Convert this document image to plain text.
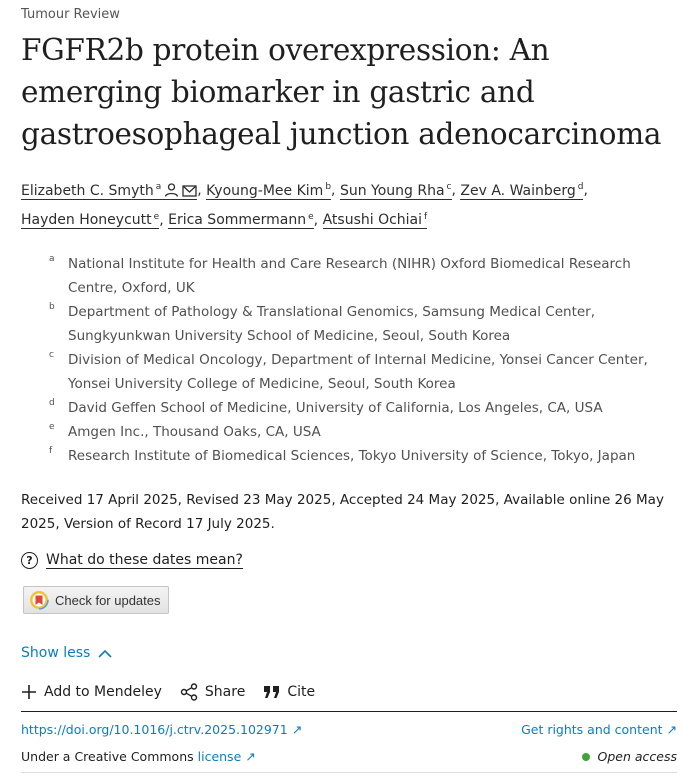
Tumour Review
FGFR2b protein overexpression: An emerging biomarker in gastric and gastroesophageal junction adenocarcinoma
Elizabeth C. Smyth $^a$	, Kyoung-Mee Kim $^b$, Sun Young Rha $^c$, Zev A. Wainberg $^d$,
Hayden Honeycutt $^e$, Erica Sommermann $^e$, Atsushi Ochiai $^f$
a National Institute for Health and Care Research (NIHR) Oxford Biomedical Research Centre, Oxford, UK
b Department of Pathology & Translational Genomics, Samsung Medical Center, Sungkyunkwan University School of Medicine, Seoul, South Korea
c	Division of Medical Oncology, Department of Internal Medicine, Yonsei Cancer Center, Yonsei University College of Medicine, Seoul, South Korea
d David Geffen School of Medicine, University of California, Los Angeles, CA, USA
e Amgen Inc., Thousand Oaks, CA, USA
f	Research Institute of Biomedical Sciences, Tokyo University of Science, Tokyo, Japan
Received 17 April 2025, Revised 23 May 2025, Accepted 24 May 2025, Available online 26 May 2025, Version of Record 17 July 2025.
? What do these dates mean?
Check for updates
Show less
Add to Mendeley	Share	Cite
https://doi.org/10.1016/j.ctrv.2025.102971 ↗	Get rights and content ↗
Under a Creative Commons license ↗	Open access
